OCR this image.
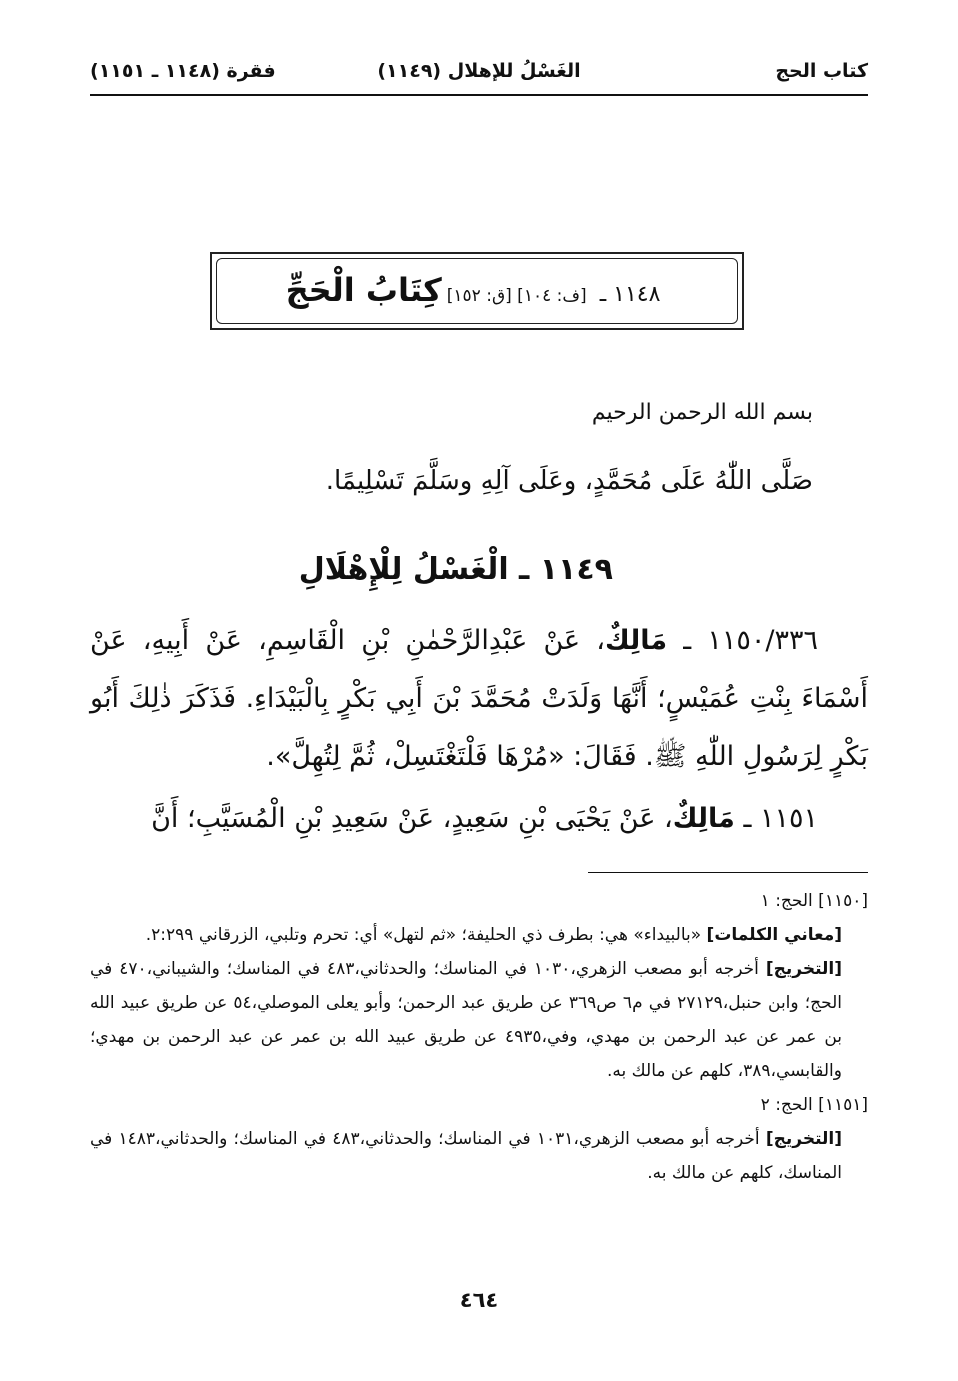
كتاب الحج
(١١٤٩) الغَسْلُ للإهلال
(١١٤٨ ـ ١١٥١) فقرة
١١٤٨ ـ [ف: ١٠٤] [ق: ١٥٢] كِتَابُ الْحَجِّ
بسم الله الرحمن الرحيم
صَلَّى اللّٰهُ عَلَى مُحَمَّدٍ، وعَلَى آلِهِ وسَلَّمَ تَسْلِيمًا.
١١٤٩ ـ الْغَسْلُ لِلْإِهْلَالِ
١١٥٠/٣٣٦ ـ مَالِكٌ، عَنْ عَبْدِالرَّحْمٰنِ بْنِ الْقَاسِمِ، عَنْ أَبِيهِ، عَنْ أَسْمَاءَ بِنْتِ عُمَيْسٍ؛ أَنَّهَا وَلَدَتْ مُحَمَّدَ بْنَ أَبِي بَكْرٍ بِالْبَيْدَاءِ. فَذَكَرَ ذٰلِكَ أَبُو بَكْرٍ لِرَسُولِ اللّٰهِ ﷺ. فَقَالَ: «مُرْهَا فَلْتَغْتَسِلْ، ثُمَّ لِتُهِلَّ».
١١٥١ ـ مَالِكٌ، عَنْ يَحْيَى بْنِ سَعِيدٍ، عَنْ سَعِيدِ بْنِ الْمُسَيَّبِ؛ أَنَّ

[١١٥٠] الحج: ١

[معاني الكلمات] «بالبيداء» هي: بطرف ذي الحليفة؛ «ثم لتهل» أي: تحرم وتلبي، الزرقاني ٢:٢٩٩.

[التخريج] أخرجه أبو مصعب الزهري،١٠٣٠ في المناسك؛ والحدثاني،٤٨٣ في المناسك؛ والشيباني،٤٧٠ في الحج؛ وابن حنبل،٢٧١٢٩ في م٦ ص٣٦٩ عن طريق عبد الرحمن؛ وأبو يعلى الموصلي،٥٤ عن طريق عبيد الله بن عمر عن عبد الرحمن بن مهدي، وفي،٤٩٣٥ عن طريق عبيد الله بن عمر عن عبد الرحمن بن مهدي؛ والقابسي،٣٨٩، كلهم عن مالك به.

[١١٥١] الحج: ٢

[التخريج] أخرجه أبو مصعب الزهري،١٠٣١ في المناسك؛ والحدثاني،٤٨٣ في المناسك؛ والحدثاني،١٤٨٣ في المناسك، كلهم عن مالك به.

٤٦٤
